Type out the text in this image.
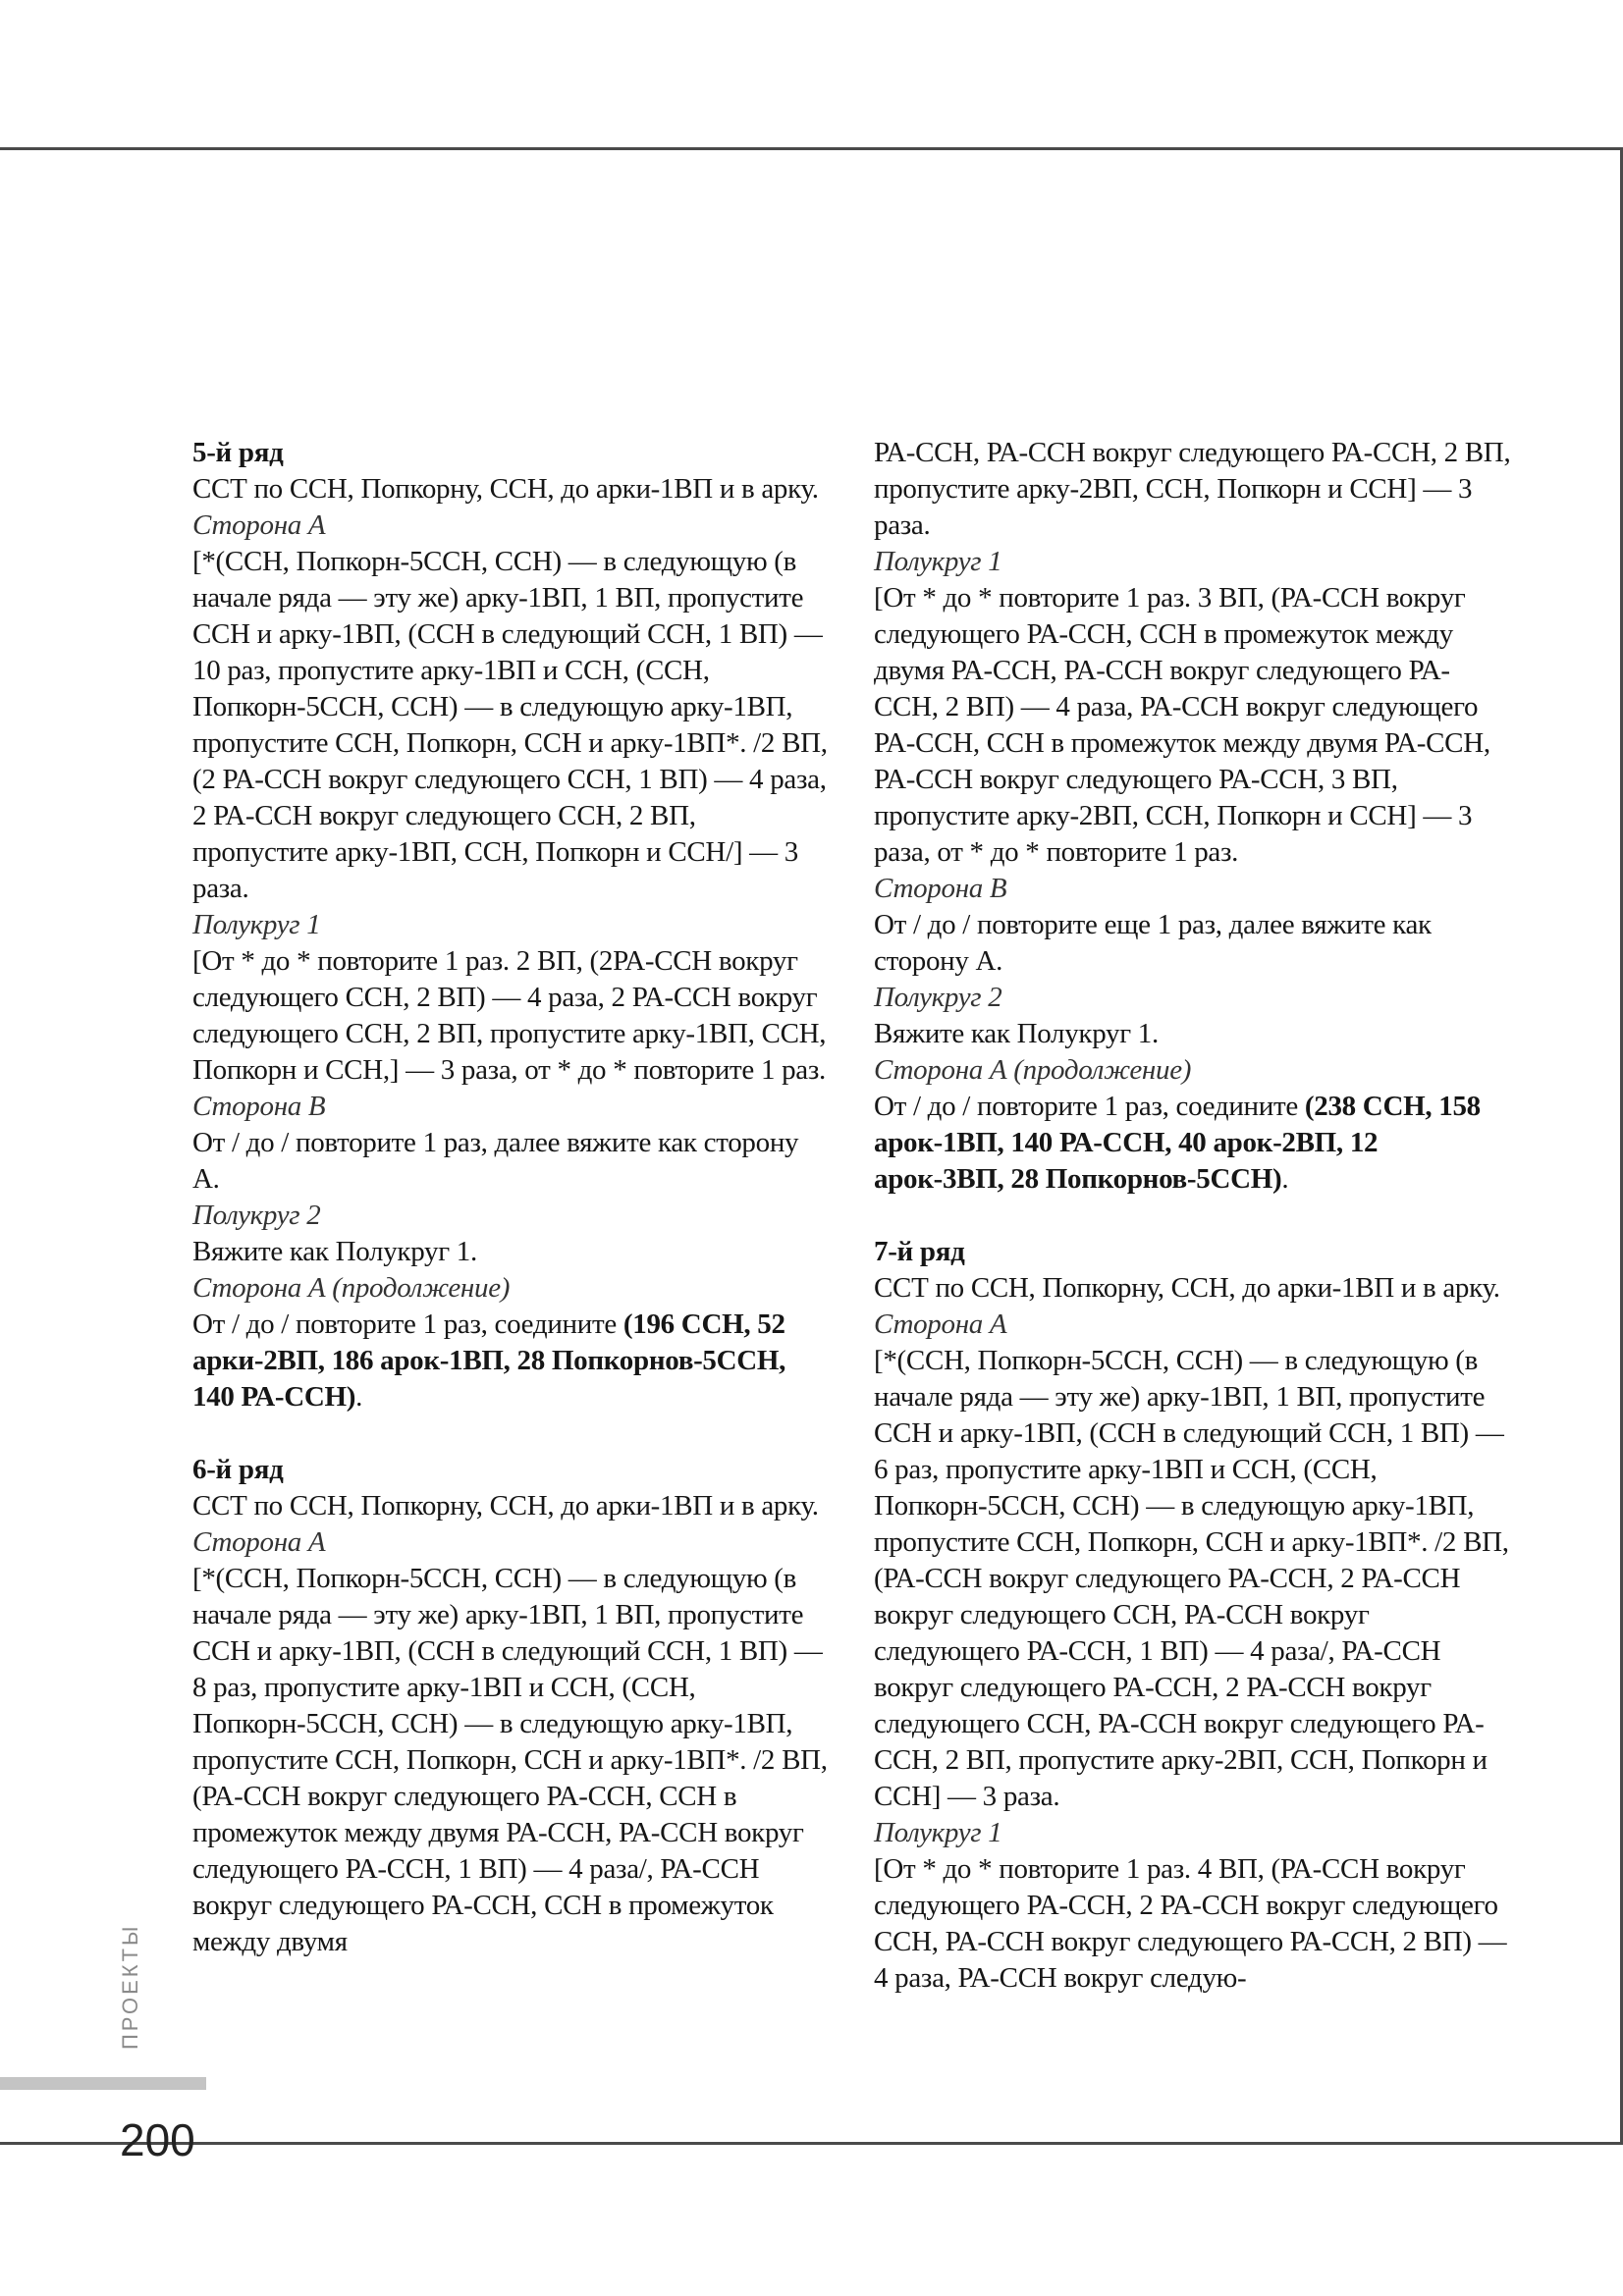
5-й ряд

ССТ по ССН, Попкорну, ССН, до арки-1ВП и в арку.

Сторона А

[*(ССН, Попкорн-5ССН, ССН) — в следующую (в начале ряда — эту же) арку-1ВП, 1 ВП, пропустите ССН и арку-1ВП, (ССН в следующий ССН, 1 ВП) — 10 раз, пропустите арку-1ВП и ССН, (ССН, Попкорн-5ССН, ССН) — в следующую арку-1ВП, пропустите ССН, Попкорн, ССН и арку-1ВП*. /2 ВП, (2 РА-ССН вокруг следующего ССН, 1 ВП) — 4 раза, 2 РА-ССН вокруг следующего ССН, 2 ВП, пропустите арку-1ВП, ССН, Попкорн и ССН/] — 3 раза.

Полукруг 1

[От * до * повторите 1 раз. 2 ВП, (2РА-ССН вокруг следующего ССН, 2 ВП) — 4 раза, 2 РА-ССН вокруг следующего ССН, 2 ВП, пропустите арку-1ВП, ССН, Попкорн и ССН,] — 3 раза, от * до * повторите 1 раз.

Сторона В

От / до / повторите 1 раз, далее вяжите как сторону А.

Полукруг 2

Вяжите как Полукруг 1.

Сторона А (продолжение)

От / до / повторите 1 раз, соедините (196 ССН, 52 арки-2ВП, 186 арок-1ВП, 28 Попкорнов-5ССН, 140 РА-ССН).

6-й ряд

ССТ по ССН, Попкорну, ССН, до арки-1ВП и в арку.

Сторона А

[*(ССН, Попкорн-5ССН, ССН) — в следующую (в начале ряда — эту же) арку-1ВП, 1 ВП, пропустите ССН и арку-1ВП, (ССН в следующий ССН, 1 ВП) — 8 раз, пропустите арку-1ВП и ССН, (ССН, Попкорн-5ССН, ССН) — в следующую арку-1ВП, пропустите ССН, Попкорн, ССН и арку-1ВП*. /2 ВП, (РА-ССН вокруг следующего РА-ССН, ССН в промежуток между двумя РА-ССН, РА-ССН вокруг следующего РА-ССН, 1 ВП) — 4 раза/, РА-ССН вокруг следующего РА-ССН, ССН в промежуток между двумя

РА-ССН, РА-ССН вокруг следующего РА-ССН, 2 ВП, пропустите арку-2ВП, ССН, Попкорн и ССН] — 3 раза.

Полукруг 1

[От * до * повторите 1 раз. 3 ВП, (РА-ССН вокруг следующего РА-ССН, ССН в промежуток между двумя РА-ССН, РА-ССН вокруг следующего РА-ССН, 2 ВП) — 4 раза, РА-ССН вокруг следующего РА-ССН, ССН в промежуток между двумя РА-ССН, РА-ССН вокруг следующего РА-ССН, 3 ВП, пропустите арку-2ВП, ССН, Попкорн и ССН] — 3 раза, от * до * повторите 1 раз.

Сторона В

От / до / повторите еще 1 раз, далее вяжите как сторону А.

Полукруг 2

Вяжите как Полукруг 1.

Сторона А (продолжение)

От / до / повторите 1 раз, соедините (238 ССН, 158 арок-1ВП, 140 РА-ССН, 40 арок-2ВП, 12 арок-3ВП, 28 Попкорнов-5ССН).

7-й ряд

ССТ по ССН, Попкорну, ССН, до арки-1ВП и в арку.

Сторона А

[*(ССН, Попкорн-5ССН, ССН) — в следующую (в начале ряда — эту же) арку-1ВП, 1 ВП, пропустите ССН и арку-1ВП, (ССН в следующий ССН, 1 ВП) — 6 раз, пропустите арку-1ВП и ССН, (ССН, Попкорн-5ССН, ССН) — в следующую арку-1ВП, пропустите ССН, Попкорн, ССН и арку-1ВП*. /2 ВП, (РА-ССН вокруг следующего РА-ССН, 2 РА-ССН вокруг следующего ССН, РА-ССН вокруг следующего РА-ССН, 1 ВП) — 4 раза/, РА-ССН вокруг следующего РА-ССН, 2 РА-ССН вокруг следующего ССН, РА-ССН вокруг следующего РА-ССН, 2 ВП, пропустите арку-2ВП, ССН, Попкорн и ССН] — 3 раза.

Полукруг 1

[От * до * повторите 1 раз. 4 ВП, (РА-ССН вокруг следующего РА-ССН, 2 РА-ССН вокруг следующего ССН, РА-ССН вокруг следующего РА-ССН, 2 ВП) — 4 раза, РА-ССН вокруг следую-

ПРОЕКТЫ
200
